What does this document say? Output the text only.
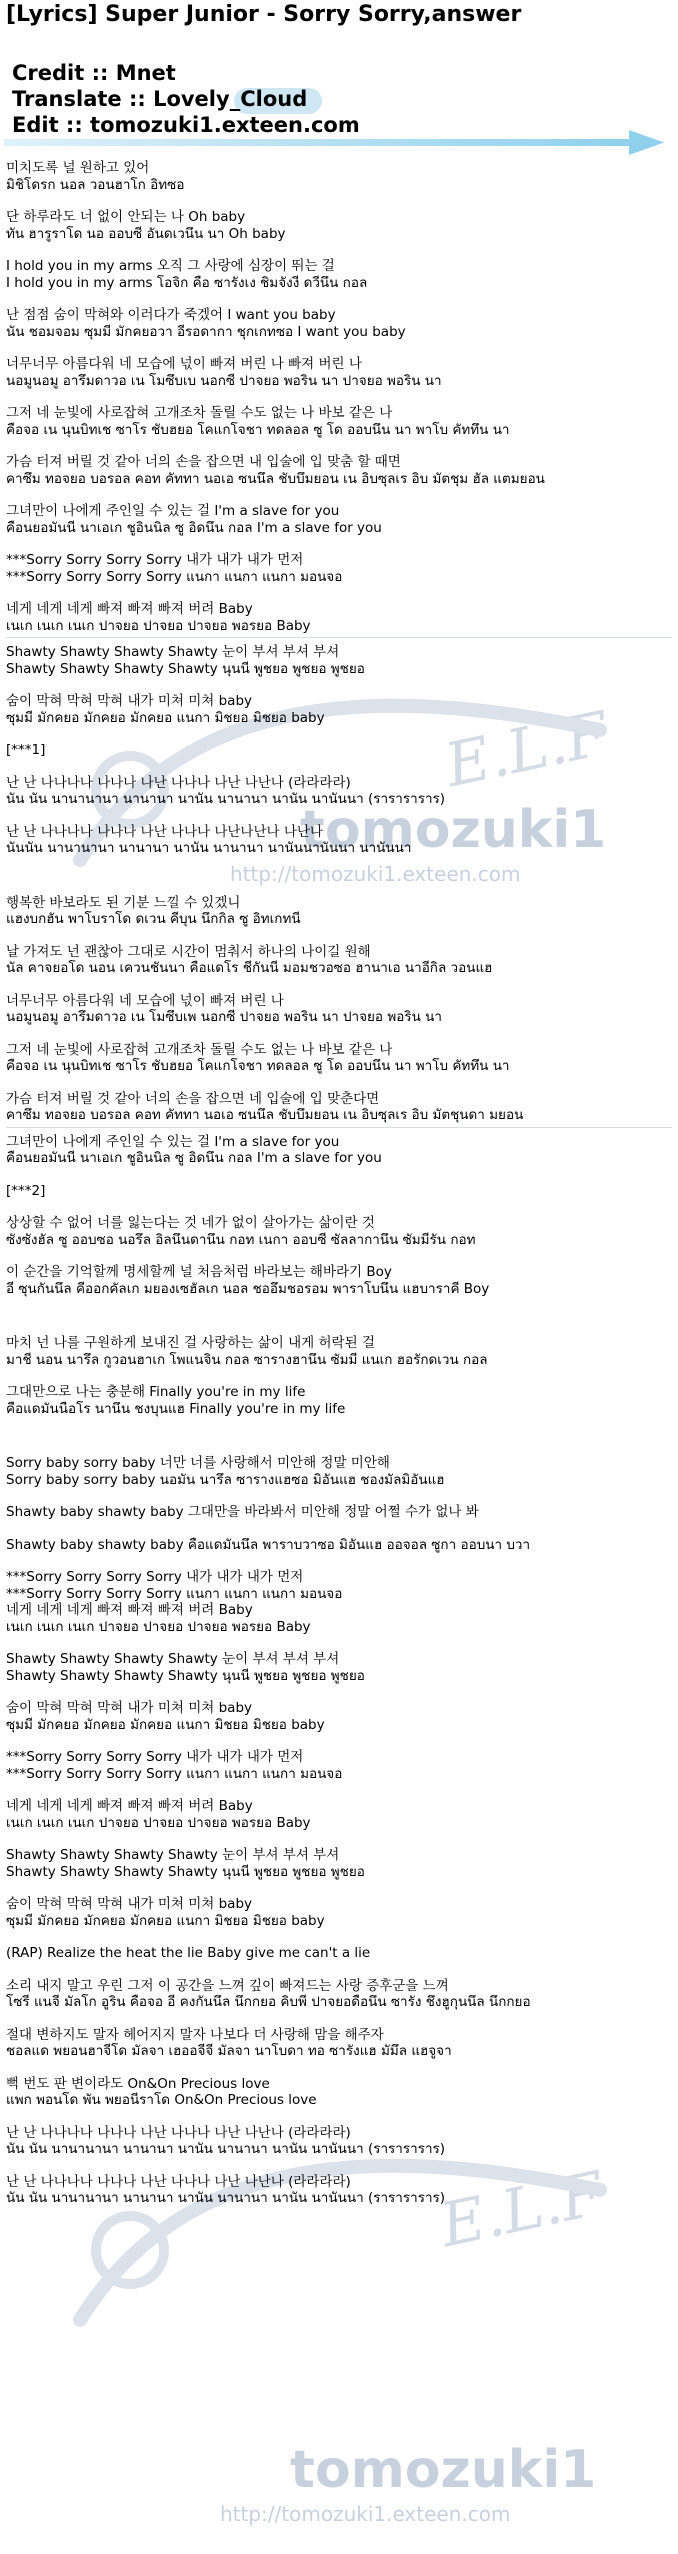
tomozuki1
http://tomozuki1.exteen.com
E.L.F
tomozuki1
http://tomozuki1.exteen.com
E.L.F
[Lyrics] Super Junior - Sorry Sorry,answer
Credit :: Mnet
Translate :: Lovely_
Cloud
Edit :: tomozuki1.exteen.com
미치도록 널 원하고 있어
มิชิโดรก นอล วอนฮาโก อิทซอ
단 하루라도 너 없이 안되는 나 Oh baby
ทัน ฮารูราโด นอ ออบซี อันดเวนึน นา Oh baby
I hold you in my arms 오직 그 사랑에 심장이 뛰는 걸
I hold you in my arms โอจิก คือ ซารังเง ชิมจังงี ดวีนึน กอล
난 점점 숨이 막혀와 이러다가 죽겠어 I want you baby
นัน ชอมจอม ซุมมี มักคยอวา อีรอดากา ชุกเกทซอ I want you baby
너무너무 아름다워 네 모습에 넋이 빠져 버린 나 빠져 버린 나
นอมูนอมู อารึมดาวอ เน โมซึบเบ นอกซี ปาจยอ พอริน นา ปาจยอ พอริน นา
그저 네 눈빛에 사로잡혀 고개조차 돌릴 수도 없는 나 바보 같은 나
คือจอ เน นุนบิทเช ซาโร ชับฮยอ โคแกโจชา ทดลอล ซู โด ออบนึน นา พาโบ คัททึน นา
가슴 터져 버릴 것 같아 너의 손을 잡으면 내 입술에 입 맞춤 할 때면
คาซึม ทอจยอ บอรอล คอท คัททา นอเอ ซนนึล ชับบึมยอน เน อิบซุลเร อิบ มัตชุม ฮัล แตมยอน
그녀만이 나에게 주인일 수 있는 걸 I'm a slave for you
คือนยอมันนี นาเอเก ชูอินนิล ซู อิดนึน กอล I'm a slave for you
***Sorry Sorry Sorry Sorry 내가 내가 내가 먼저
***Sorry Sorry Sorry Sorry แนกา แนกา แนกา มอนจอ
네게 네게 네게 빠져 빠져 빠져 버려 Baby
เนเก เนเก เนเก ปาจยอ ปาจยอ ปาจยอ พอรยอ Baby
Shawty Shawty Shawty Shawty 눈이 부셔 부셔 부셔
Shawty Shawty Shawty Shawty นุนนี พูชยอ พูชยอ พูชยอ
숨이 막혀 막혀 막혀 내가 미쳐 미쳐 baby
ซุมมี มักคยอ มักคยอ มักคยอ แนกา มิชยอ มิชยอ baby
[***1]
난 난 나나나나 나나나 나난 나나나 나난 나난나 (라라라라)
นัน นัน นานานานา นานานา นานัน นานานา นานัน นานันนา (ราราราราร)
난 난 나나나나 나나나 나난 나나나 나난나난나 나난나
นันนัน นานานานา นานานา นานัน นานานา นานันนานันนา นานันนา
행복한 바보라도 된 기분 느낄 수 있겠니
แฮงบกฮัน พาโบราโด ดเวน คีบุน นึกกิล ซู อิทเกทนี
날 가져도 넌 괜찮아 그대로 시간이 멈춰서 하나의 나이길 원해
นัล คาจยอโด นอน เควนชันนา คือแดโร ชีกันนี มอมชวอซอ ฮานาเอ นาอีกิล วอนแฮ
너무너무 아름다워 네 모습에 넋이 빠져 버린 나
นอมูนอมู อารึมดาวอ เน โมซึบเพ นอกซี ปาจยอ พอริน นา ปาจยอ พอริน นา
그저 네 눈빛에 사로잡혀 고개조차 돌릴 수도 없는 나 바보 같은 나
คือจอ เน นุนบิทเช ซาโร ชับฮยอ โคแกโจชา ทดลอล ซู โด ออบนึน นา พาโบ คัททึน นา
가슴 터져 버릴 것 같아 너의 손을 잡으면 네 입술에 입 맞춘다면
คาซึม ทอจยอ บอรอล คอท คัททา นอเอ ซนนึล ชับบึมยอน เน อิบซุลเร อิบ มัตชุนดา มยอน
그녀만이 나에게 주인일 수 있는 걸 I'm a slave for you
คือนยอมันนี นาเอเก ชูอินนิล ซู อิดนึน กอล I'm a slave for you
[***2]
상상할 수 없어 너를 잃는다는 것 네가 없이 살아가는 삶이란 것
ซังซังฮัล ซู ออบซอ นอรึล อิลนึนดานึน กอท เนกา ออบซี ซัลลากานึน ซัมมีรัน กอท
이 순간을 기억할께 명세할께 널 처음처럼 바라보는 해바라기 Boy
อี ซุนกันนึล คีออกคัลเก มยองเซฮัลเก นอล ชออึมชอรอม พาราโบนึน แฮบาราคี Boy
마치 넌 나를 구원하게 보내진 걸 사랑하는 삶이 내게 허락된 걸
มาชี นอน นารึล กูวอนฮาเก โพแนจิน กอล ซารางฮานึน ซัมมี แนเก ฮอรักดเวน กอล
그대만으로 나는 충분해 Finally you're in my life
คือแดมันนือโร นานึน ชงบุนแฮ Finally you're in my life
Sorry baby sorry baby 너만 너를 사랑해서 미안해 정말 미안해
Sorry baby sorry baby นอมัน นารึล ซารางแฮซอ มิอันแฮ ชองมัลมิอันแฮ
Shawty baby shawty baby 그대만을 바라봐서 미안해 정말 어쩔 수가 없나 봐
Shawty baby shawty baby คือแดมันนึล พาราบวาซอ มิอันแฮ ออจอล ซูกา ออบนา บวา
***Sorry Sorry Sorry Sorry 내가 내가 내가 먼저
***Sorry Sorry Sorry Sorry แนกา แนกา แนกา มอนจอ
네게 네게 네게 빠져 빠져 빠져 버려 Baby
เนเก เนเก เนเก ปาจยอ ปาจยอ ปาจยอ พอรยอ Baby
Shawty Shawty Shawty Shawty 눈이 부셔 부셔 부셔
Shawty Shawty Shawty Shawty นุนนี พูชยอ พูชยอ พูชยอ
숨이 막혀 막혀 막혀 내가 미쳐 미쳐 baby
ซุมมี มักคยอ มักคยอ มักคยอ แนกา มิชยอ มิชยอ baby
***Sorry Sorry Sorry Sorry 내가 내가 내가 먼저
***Sorry Sorry Sorry Sorry แนกา แนกา แนกา มอนจอ
네게 네게 네게 빠져 빠져 빠져 버려 Baby
เนเก เนเก เนเก ปาจยอ ปาจยอ ปาจยอ พอรยอ Baby
Shawty Shawty Shawty Shawty 눈이 부셔 부셔 부셔
Shawty Shawty Shawty Shawty นุนนี พูชยอ พูชยอ พูชยอ
숨이 막혀 막혀 막혀 내가 미쳐 미쳐 baby
ซุมมี มักคยอ มักคยอ มักคยอ แนกา มิชยอ มิชยอ baby
(RAP) Realize the heat the lie Baby give me can't a lie
소리 내지 말고 우린 그저 이 공간을 느껴 깊이 빠져드는 사랑 증후군을 느껴
โซรี แนจี มัลโก อูริน คือจอ อี คงกันนึล นึกกยอ คิบพี ปาจยอดือนึน ซารัง ชึงฮูกุนนึล นึกกยอ
절대 변하지도 말자 헤어지지 말자 나보다 더 사랑해 맘을 해주자
ชอลแด พยอนฮาจีโด มัลจา เฮออจีจี มัลจา นาโบดา ทอ ซารังแฮ มัมึล แฮจูจา
뻑 번도 판 변이라도 On&On Precious love
แพก พอนโด พัน พยอนีราโด On&On Precious love
난 난 나나나나 나나나 나난 나나나 나난 나난나 (라라라라)
นัน นัน นานานานา นานานา นานัน นานานา นานัน นานันนา (ราราราราร)
난 난 나나나나 나나나 나난 나나나 나난 나난나 (라라라라)
นัน นัน นานานานา นานานา นานัน นานานา นานัน นานันนา (ราราราราร)
